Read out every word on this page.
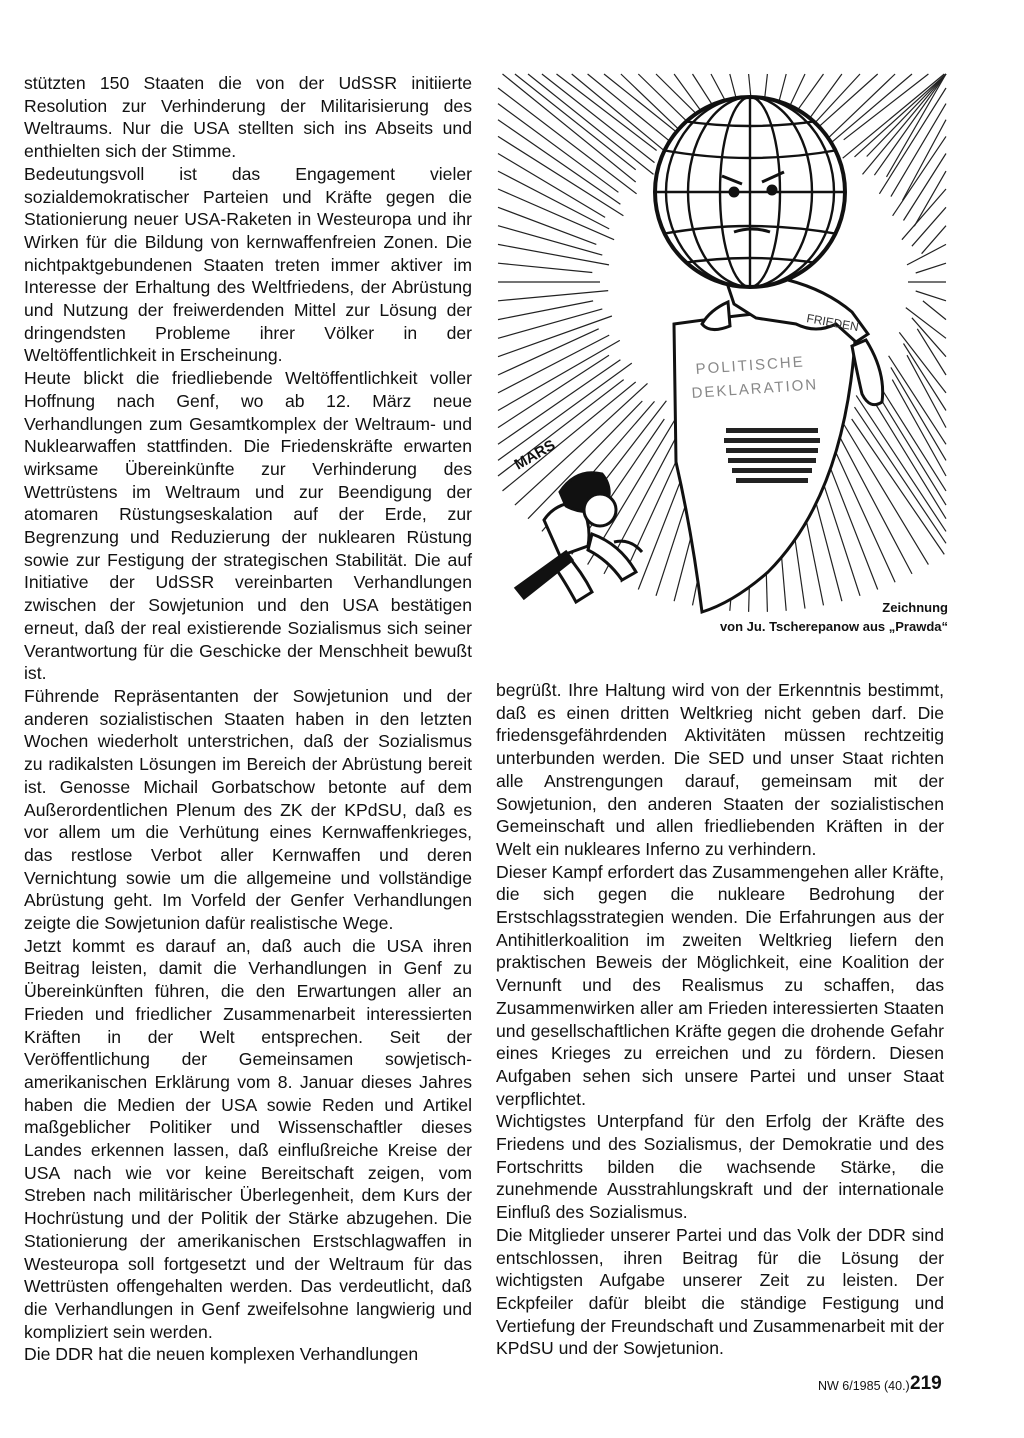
stützten 150 Staaten die von der UdSSR initiierte Resolution zur Verhinderung der Militarisierung des Weltraums. Nur die USA stellten sich ins Abseits und enthielten sich der Stimme.

Bedeutungsvoll ist das Engagement vieler sozialdemokratischer Parteien und Kräfte gegen die Stationierung neuer USA-Raketen in Westeuropa und ihr Wirken für die Bildung von kernwaffenfreien Zonen. Die nichtpaktgebundenen Staaten treten immer aktiver im Interesse der Erhaltung des Weltfriedens, der Abrüstung und Nutzung der freiwerdenden Mittel zur Lösung der dringendsten Probleme ihrer Völker in der Weltöffentlichkeit in Erscheinung.

Heute blickt die friedliebende Weltöffentlichkeit voller Hoffnung nach Genf, wo ab 12. März neue Verhandlungen zum Gesamtkomplex der Weltraum- und Nuklearwaffen stattfinden. Die Friedenskräfte erwarten wirksame Übereinkünfte zur Verhinderung des Wettrüstens im Weltraum und zur Beendigung der atomaren Rüstungseskalation auf der Erde, zur Begrenzung und Reduzierung der nuklearen Rüstung sowie zur Festigung der strategischen Stabilität. Die auf Initiative der UdSSR vereinbarten Verhandlungen zwischen der Sowjetunion und den USA bestätigen erneut, daß der real existierende Sozialismus sich seiner Verantwortung für die Geschicke der Menschheit bewußt ist.

Führende Repräsentanten der Sowjetunion und der anderen sozialistischen Staaten haben in den letzten Wochen wiederholt unterstrichen, daß der Sozialismus zu radikalsten Lösungen im Bereich der Abrüstung bereit ist. Genosse Michail Gorbatschow betonte auf dem Außerordentlichen Plenum des ZK der KPdSU, daß es vor allem um die Verhütung eines Kernwaffenkrieges, das restlose Verbot aller Kernwaffen und deren Vernichtung sowie um die allgemeine und vollständige Abrüstung geht. Im Vorfeld der Genfer Verhandlungen zeigte die Sowjetunion dafür realistische Wege.

Jetzt kommt es darauf an, daß auch die USA ihren Beitrag leisten, damit die Verhandlungen in Genf zu Übereinkünften führen, die den Erwartungen aller an Frieden und friedlicher Zusammenarbeit interessierten Kräften in der Welt entsprechen. Seit der Veröffentlichung der Gemeinsamen sowjetisch-amerikanischen Erklärung vom 8. Januar dieses Jahres haben die Medien der USA sowie Reden und Artikel maßgeblicher Politiker und Wissenschaftler dieses Landes erkennen lassen, daß einflußreiche Kreise der USA nach wie vor keine Bereitschaft zeigen, vom Streben nach militärischer Überlegenheit, dem Kurs der Hochrüstung und der Politik der Stärke abzugehen. Die Stationierung der amerikanischen Erstschlagwaffen in Westeuropa soll fortgesetzt und der Weltraum für das Wettrüsten offengehalten werden. Das verdeutlicht, daß die Verhandlungen in Genf zweifelsohne langwierig und kompliziert sein werden.

Die DDR hat die neuen komplexen Verhandlungen

POLITISCHE
DEKLARATION
FRIEDEN
MARS
Zeichnung
von Ju. Tscherepanow aus „Prawda“

begrüßt. Ihre Haltung wird von der Erkenntnis bestimmt, daß es einen dritten Weltkrieg nicht geben darf. Die friedensgefährdenden Aktivitäten müssen rechtzeitig unterbunden werden. Die SED und unser Staat richten alle Anstrengungen darauf, gemeinsam mit der Sowjetunion, den anderen Staaten der sozialistischen Gemeinschaft und allen friedliebenden Kräften in der Welt ein nukleares Inferno zu verhindern.

Dieser Kampf erfordert das Zusammengehen aller Kräfte, die sich gegen die nukleare Bedrohung der Erstschlagsstrategien wenden. Die Erfahrungen aus der Antihitlerkoalition im zweiten Weltkrieg liefern den praktischen Beweis der Möglichkeit, eine Koalition der Vernunft und des Realismus zu schaffen, das Zusammenwirken aller am Frieden interessierten Staaten und gesellschaftlichen Kräfte gegen die drohende Gefahr eines Krieges zu erreichen und zu fördern. Diesen Aufgaben sehen sich unsere Partei und unser Staat verpflichtet.

Wichtigstes Unterpfand für den Erfolg der Kräfte des Friedens und des Sozialismus, der Demokratie und des Fortschritts bilden die wachsende Stärke, die zunehmende Ausstrahlungskraft und der internationale Einfluß des Sozialismus.

Die Mitglieder unserer Partei und das Volk der DDR sind entschlossen, ihren Beitrag für die Lösung der wichtigsten Aufgabe unserer Zeit zu leisten. Der Eckpfeiler dafür bleibt die ständige Festigung und Vertiefung der Freundschaft und Zusammenarbeit mit der KPdSU und der Sowjetunion.

NW 6/1985 (40.) 219
